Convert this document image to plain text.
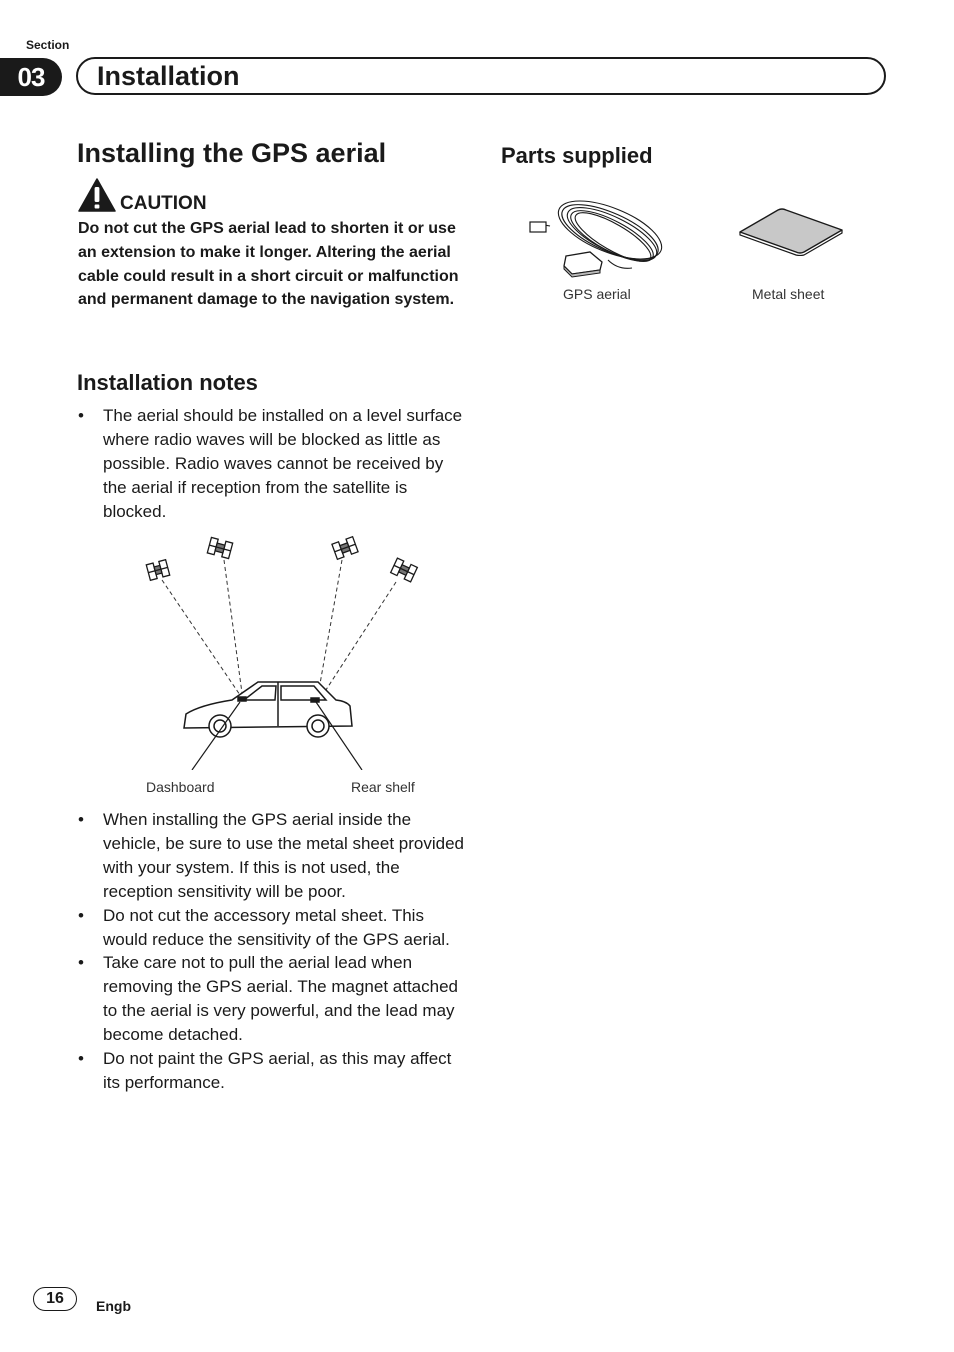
Section
03	Installation
Installing the GPS aerial
CAUTION
Do not cut the GPS aerial lead to shorten it or use an extension to make it longer. Altering the aerial cable could result in a short circuit or malfunction and permanent damage to the navigation system.
Installation notes
• The aerial should be installed on a level surface where radio waves will be blocked as little as possible. Radio waves cannot be received by the aerial if reception from the satellite is blocked.
Dashboard	Rear shelf
• When installing the GPS aerial inside the vehicle, be sure to use the metal sheet provided with your system. If this is not used, the reception sensitivity will be poor.
• Do not cut the accessory metal sheet. This would reduce the sensitivity of the GPS aerial.
• Take care not to pull the aerial lead when removing the GPS aerial. The magnet attached to the aerial is very powerful, and the lead may become detached.
• Do not paint the GPS aerial, as this may affect its performance.
Parts supplied
GPS aerial	Metal sheet
16	Engb
